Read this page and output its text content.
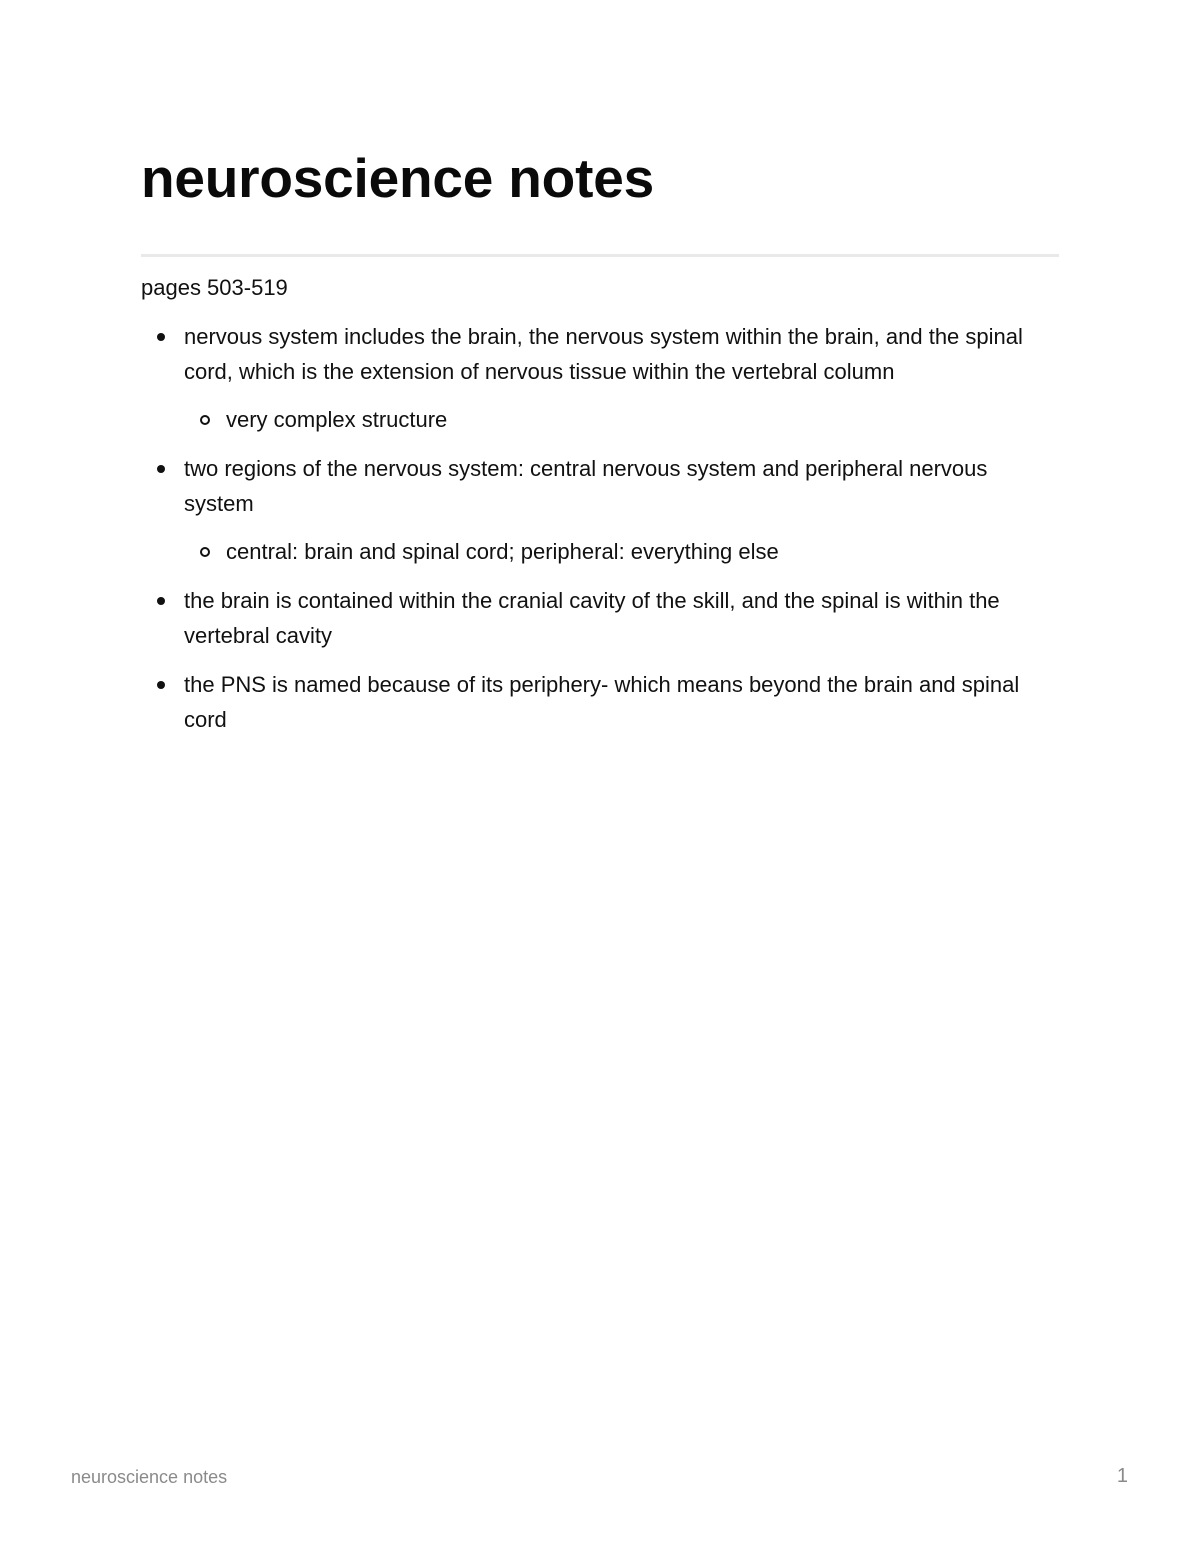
neuroscience notes

pages 503-519

nervous system includes the brain, the nervous system within the brain, and the spinal cord, which is the extension of nervous tissue within the vertebral column
very complex structure
two regions of the nervous system: central nervous system and peripheral nervous system
central: brain and spinal cord; peripheral: everything else
the brain is contained within the cranial cavity of the skill, and the spinal is within the vertebral cavity
the PNS is named because of its periphery- which means beyond the brain and spinal cord
neuroscience notes	1
